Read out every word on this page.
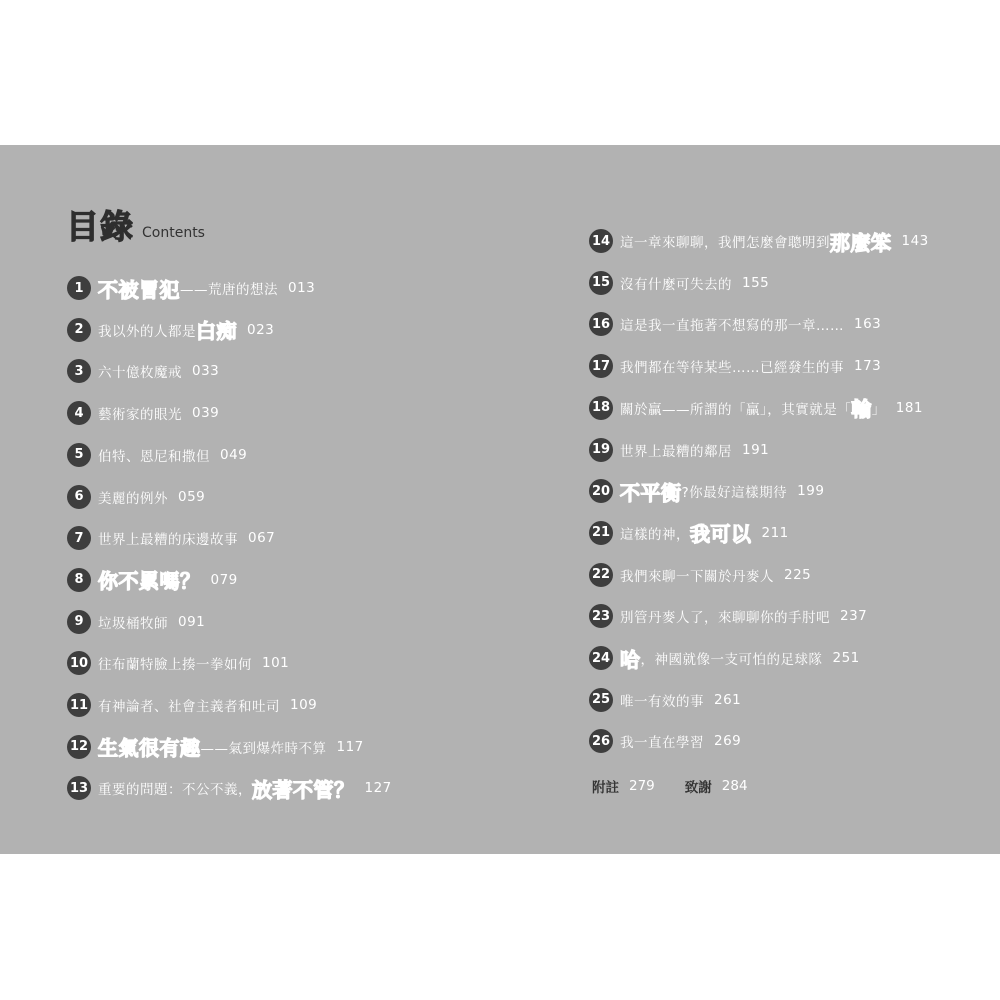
目錄 Contents
1 不被冒犯 ——荒唐的想法 013
2	我以外的人都是 白痴 023
3	六十億枚魔戒 033
4	藝術家的眼光 039
5	伯特、恩尼和撒但 049
6	美麗的例外 059
7	世界上最糟的床邊故事 067
8 你不累嗎？ 079
9	垃圾桶牧師 091
10 往布蘭特臉上揍一拳如何 101
11 有神論者、社會主義者和吐司 109
12 生氣很有趣 ——氣到爆炸時不算 117
13 重要的問題：不公不義， 放著不管？ 127
14 這一章來聊聊，我們怎麼會聰明到 那麼笨 143
15 沒有什麼可失去的 155
16 這是我一直拖著不想寫的那一章…… 163
17 我們都在等待某些……已經發生的事 173
18 關於贏——所謂的「贏」，其實就是「 輸 」 181
19 世界上最糟的鄰居 191
20 不平衡 ?你最好這樣期待 199
21 這樣的神， 我可以 211
22 我們來聊一下關於丹麥人 225
23 別管丹麥人了，來聊聊你的手肘吧 237
24 哈 ，神國就像一支可怕的足球隊 251
25 唯一有效的事 261
26 我一直在學習 269
附註 279 致謝 284
